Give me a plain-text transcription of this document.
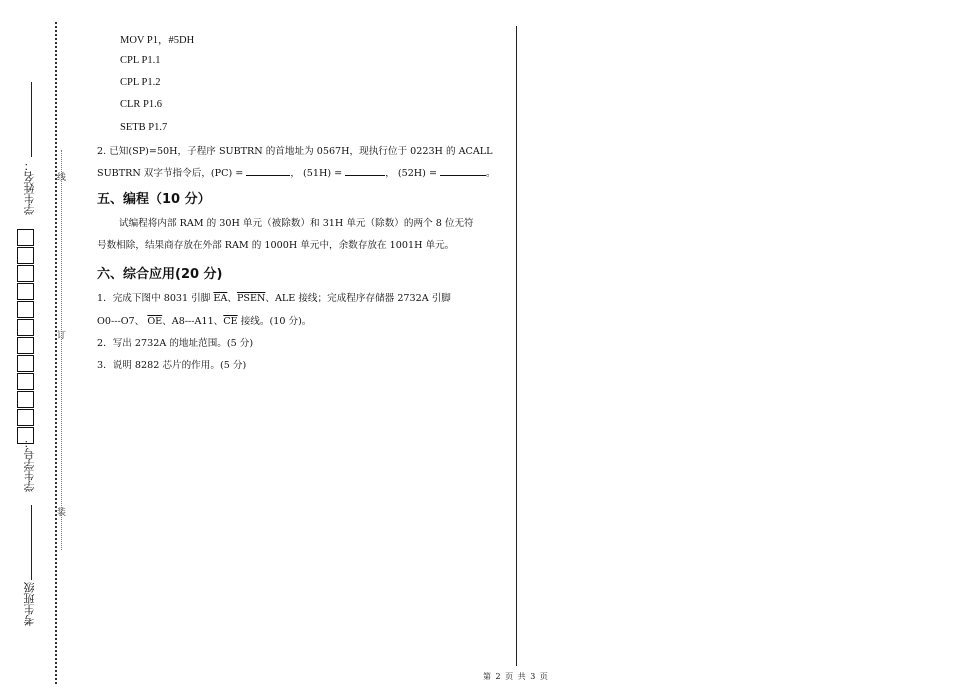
线
订
装
考生班级
学生学号：
学生姓名：
MOV P1，#5DH
CPL P1.1
CPL P1.2
CLR P1.6
SETB P1.7
2. 已知(SP)=50H，子程序 SUBTRN 的首地址为 0567H，现执行位于 0223H 的 ACALL
SUBTRN 双字节指令后，(PC) =	， (51H) =	， (52H) =	。
五、编程（10 分）
试编程将内部 RAM 的 30H 单元（被除数）和 31H 单元（除数）的两个 8 位无符
号数相除，结果商存放在外部 RAM 的 1000H 单元中，余数存放在 1001H 单元。
六、综合应用(20 分)
1．完成下图中 8031 引脚 $\overline{EA}$、PSEN、ALE 接线；完成程序存储器 2732A 引脚
O0---O7、 $\overline{OE}$、A8---A11、$\overline{CE}$ 接线。(10 分)。
2．写出 2732A 的地址范围。(5 分)
3．说明 8282 芯片的作用。(5 分)
第 2 页 共 3 页
